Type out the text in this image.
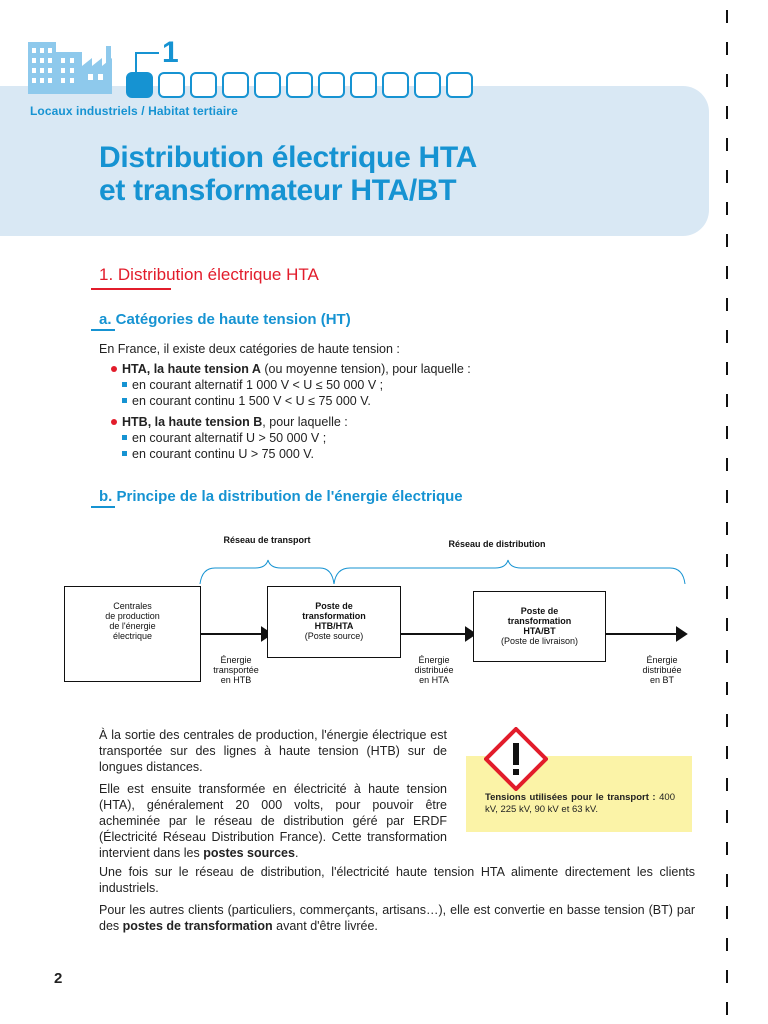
1
Locaux industriels / Habitat tertiaire
Distribution électrique HTA
et transformateur HTA/BT
1. Distribution électrique HTA
a. Catégories de haute tension (HT)
En France, il existe deux catégories de haute tension :
HTA, la haute tension A (ou moyenne tension), pour laquelle :
en courant alternatif 1 000 V < U ≤ 50 000 V ;
en courant continu 1 500 V < U ≤ 75 000 V.
HTB, la haute tension B, pour laquelle :
en courant alternatif U > 50 000 V ;
en courant continu U > 75 000 V.
b. Principe de la distribution de l'énergie électrique
Réseau de transport	Réseau de distribution
Centrales
de production
de l'énergie
électrique
Poste de
transformation
HTB/HTA
(Poste source)
Poste de
transformation
HTA/BT
(Poste de livraison)
Énergie
transportée
en HTB
Énergie
distribuée
en HTA
Énergie
distribuée
en BT
À la sortie des centrales de production, l'énergie électrique est transportée sur des lignes à haute tension (HTB) sur de longues distances.
Elle est ensuite transformée en électricité à haute tension (HTA), généralement 20 000 volts, pour pouvoir être acheminée par le réseau de distribution géré par ERDF (Électricité Réseau Distribution France). Cette transformation intervient dans les postes sources.
Une fois sur le réseau de distribution, l'électricité haute tension HTA alimente directement les clients industriels.
Pour les autres clients (particuliers, commerçants, artisans…), elle est convertie en basse tension (BT) par des postes de transformation avant d'être livrée.
Tensions utilisées pour le transport : 400 kV, 225 kV, 90 kV et 63 kV.
2
